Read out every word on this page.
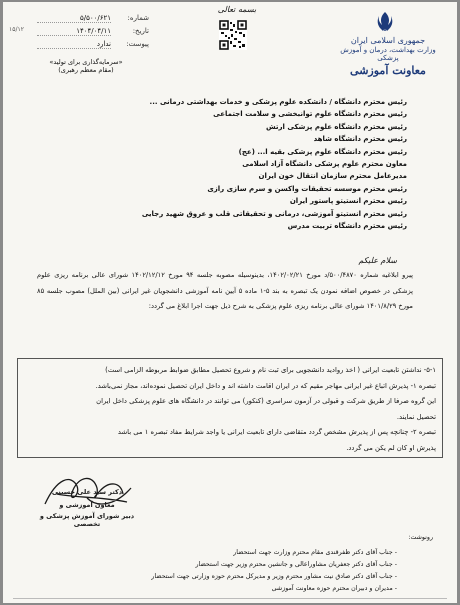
بسمه تعالی
جمهوری اسلامی ایران
وزارت بهداشت، درمان و آموزش پزشکی
معاونت آموزشی
۱۵/۱۲
شماره:
۵/۵۰۰/۶۲۱
تاریخ:
۱۴۰۴/۰۴/۱۱
پیوست:
ندارد
«سرمایه‌گذاری برای تولید»
(مقام معظم رهبری)
رئیس محترم دانشگاه / دانشکده علوم پزشکی و خدمات بهداشتی درمانی ...
رئیس محترم دانشگاه علوم توانبخشی و سلامت اجتماعی
رئیس محترم دانشگاه علوم پزشکی ارتش
رئیس محترم دانشگاه شاهد
رئیس محترم دانشگاه علوم پزشکی بقیه ا... (عج)
معاون محترم علوم پزشکی دانشگاه آزاد اسلامی
مدیرعامل محترم سازمان انتقال خون ایران
رئیس محترم موسسه تحقیقات واکسن و سرم سازی رازی
رئیس محترم انستیتو پاستور ایران
رئیس محترم انستیتو آموزشی، درمانی و تحقیقاتی قلب و عروق شهید رجایی
رئیس محترم دانشگاه تربیت مدرس
سلام علیکم
پیرو ابلاغیه شماره ۵۰۰/۴۸۷۰/د مورخ ۱۴۰۲/۰۲/۲۱، بدینوسیله مصوبه جلسه ۹۴ مورخ ۱۴۰۲/۱۲/۱۲ شورای عالی برنامه ریزی علوم پزشکی در خصوص اضافه نمودن یک تبصره به بند ۵-۱ ماده ۵ آیین نامه آموزشی دانشجویان غیر ایرانی (بین الملل) مصوب جلسه ۸۵ مورخ ۱۴۰۱/۸/۲۹ شورای عالی برنامه ریزی علوم پزشکی به شرح ذیل جهت اجرا ابلاغ می گردد:

۵-۱- نداشتن تابعیت ایرانی ( اخذ روادید دانشجویی برای ثبت نام و شروع تحصیل مطابق ضوابط مربوطه الزامی است)

تبصره ۱- پذیرش اتباع غیر ایرانی مهاجر مقیم که در ایران اقامت داشته اند و داخل ایران تحصیل نموده‌اند، مجاز نمی‌باشد.

این گروه صرفا از طریق شرکت و قبولی در آزمون سراسری (کنکور) می توانند در دانشگاه های علوم پزشکی داخل ایران

تحصیل نمایند.

تبصره ۲- چنانچه پس از پذیرش مشخص گردد متقاضی دارای تابعیت ایرانی یا واجد شرایط مفاد تبصره ۱ می باشد

پذیرش او کان لم یکن می گردد.

دکتر سید علی حسینی
معاون آموزشی و
دبیر شورای آموزش پزشکی و تخصصی
رونوشت:
- جناب آقای دکتر ظفرقندی مقام محترم وزارت جهت استحضار
- جناب آقای دکتر جعفریان مشاوراعالی و جانشین محترم وزیر جهت استحضار
- جناب آقای دکتر صادق نیت مشاور محترم وزیر و مدیرکل محترم حوزه وزارتی جهت استحضار
- مدیران و دبیران محترم حوزه معاونت آموزشی
